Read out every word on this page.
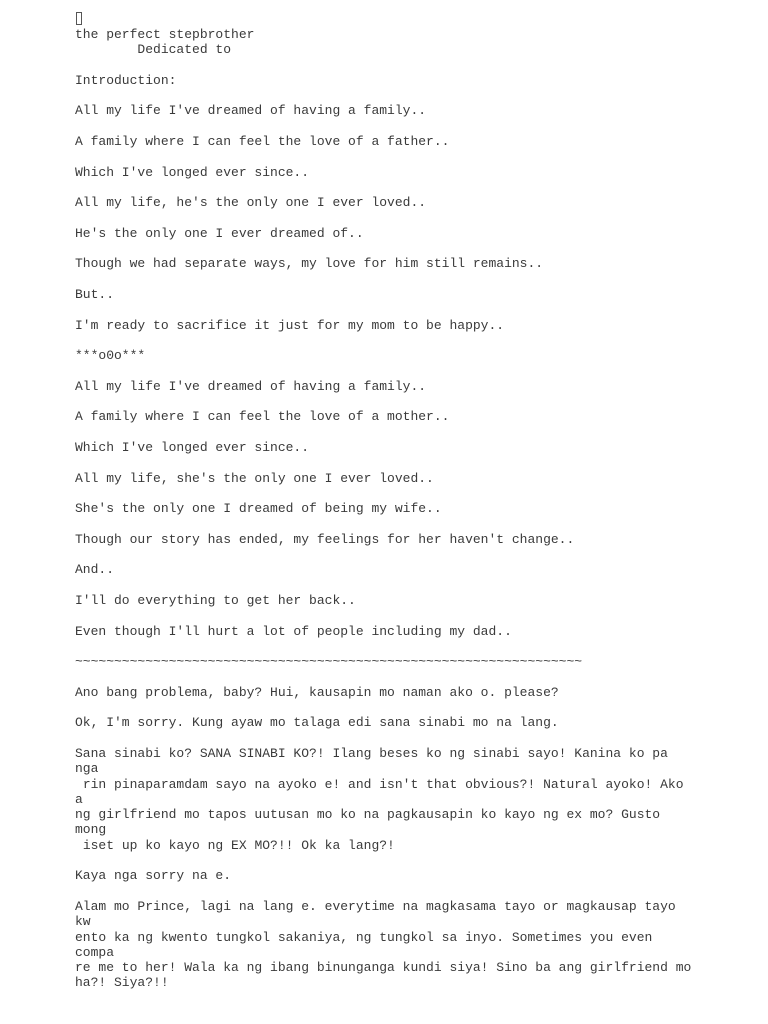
the perfect stepbrother
Dedicated to
Introduction:
All my life I've dreamed of having a family..
A family where I can feel the love of a father..
Which I've longed ever since..
All my life, he's the only one I ever loved..
He's the only one I ever dreamed of..
Though we had separate ways, my love for him still remains..
But..
I'm ready to sacrifice it just for my mom to be happy..
***o0o***
All my life I've dreamed of having a family..
A family where I can feel the love of a mother..
Which I've longed ever since..
All my life, she's the only one I ever loved..
She's the only one I dreamed of being my wife..
Though our story has ended, my feelings for her haven't change..
And..
I'll do everything to get her back..
Even though I'll hurt a lot of people including my dad..
~~~~~~~~~~~~~~~~~~~~~~~~~~~~~~~~~~~~~~~~~~~~~~~~~~~~~~~~~~~~~~~~~
Ano bang problema, baby? Hui, kausapin mo naman ako o. please?
Ok, I'm sorry. Kung ayaw mo talaga edi sana sinabi mo na lang.
Sana sinabi ko? SANA SINABI KO?! Ilang beses ko ng sinabi sayo! Kanina ko pa nga
rin pinaparamdam sayo na ayoko e! and isn't that obvious?! Natural ayoko! Ako a
ng girlfriend mo tapos uutusan mo ko na pagkausapin ko kayo ng ex mo? Gusto mong
iset up ko kayo ng EX MO?!! Ok ka lang?!
Kaya nga sorry na e.
Alam mo Prince, lagi na lang e. everytime na magkasama tayo or magkausap tayo kw
ento ka ng kwento tungkol sakaniya, ng tungkol sa inyo. Sometimes you even compa
re me to her! Wala ka ng ibang binunganga kundi siya! Sino ba ang girlfriend mo
ha?! Siya?!!
